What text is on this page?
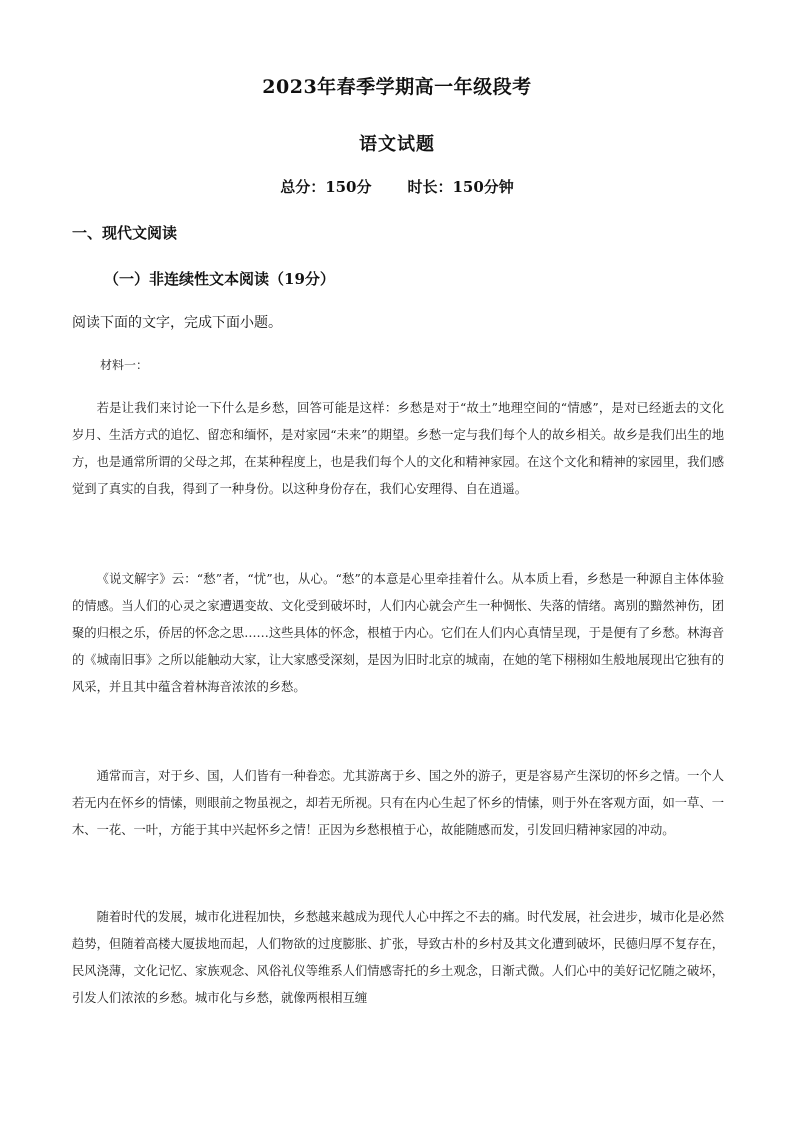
2023年春季学期高一年级段考
语文试题
总分：150分 时长：150分钟
一、现代文阅读
（一）非连续性文本阅读（19分）
阅读下面的文字，完成下面小题。
材料一：

若是让我们来讨论一下什么是乡愁，回答可能是这样：乡愁是对于“故土”地理空间的“情感”，是对已经逝去的文化岁月、生活方式的追忆、留恋和缅怀，是对家园“未来”的期望。乡愁一定与我们每个人的故乡相关。故乡是我们出生的地方，也是通常所谓的父母之邦，在某种程度上，也是我们每个人的文化和精神家园。在这个文化和精神的家园里，我们感觉到了真实的自我，得到了一种身份。以这种身份存在，我们心安理得、自在逍遥。

《说文解字》云：“愁”者，“忧”也，从心。“愁”的本意是心里牵挂着什么。从本质上看，乡愁是一种源自主体体验的情感。当人们的心灵之家遭遇变故、文化受到破坏时，人们内心就会产生一种惆怅、失落的情绪。离别的黯然神伤，团聚的归根之乐，侨居的怀念之思……这些具体的怀念，根植于内心。它们在人们内心真情呈现，于是便有了乡愁。林海音的《城南旧事》之所以能触动大家，让大家感受深刻，是因为旧时北京的城南，在她的笔下栩栩如生般地展现出它独有的风采，并且其中蕴含着林海音浓浓的乡愁。

通常而言，对于乡、国，人们皆有一种眷恋。尤其游离于乡、国之外的游子，更是容易产生深切的怀乡之情。一个人若无内在怀乡的情愫，则眼前之物虽视之，却若无所视。只有在内心生起了怀乡的情愫，则于外在客观方面，如一草、一木、一花、一叶，方能于其中兴起怀乡之情！正因为乡愁根植于心，故能随感而发，引发回归精神家园的冲动。

随着时代的发展，城市化进程加快，乡愁越来越成为现代人心中挥之不去的痛。时代发展，社会进步，城市化是必然趋势，但随着高楼大厦拔地而起，人们物欲的过度膨胀、扩张，导致古朴的乡村及其文化遭到破坏，民德归厚不复存在，民风浇薄，文化记忆、家族观念、风俗礼仪等维系人们情感寄托的乡土观念，日渐式微。人们心中的美好记忆随之破坏，引发人们浓浓的乡愁。城市化与乡愁，就像两根相互缠
